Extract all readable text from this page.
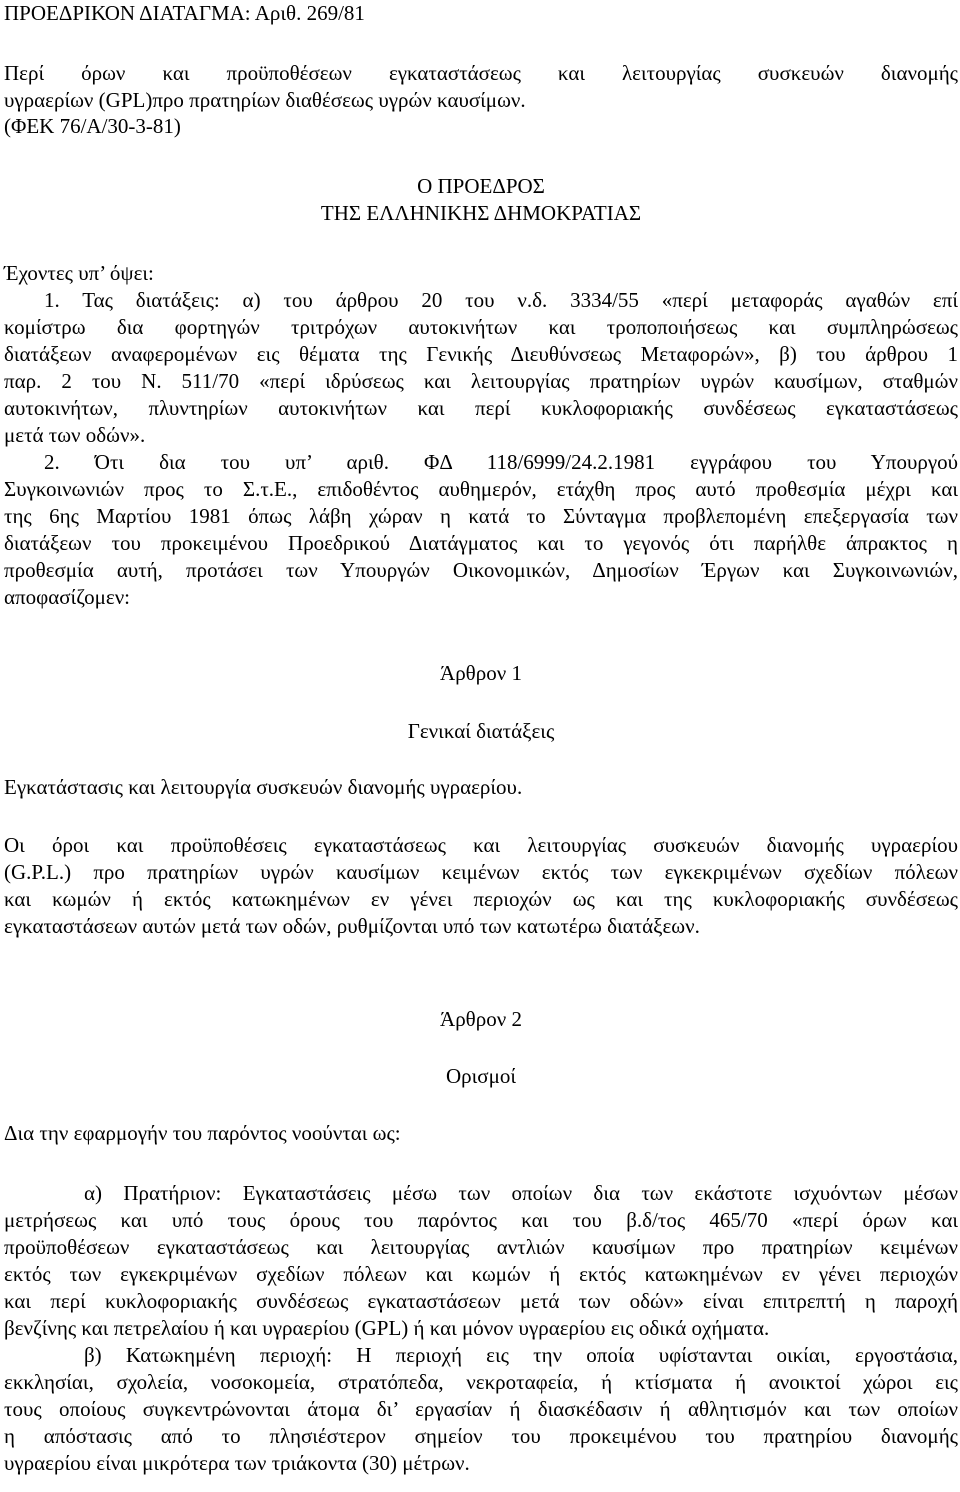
ΠΡΟΕΔΡΙΚΟΝ ΔΙΑΤΑΓΜΑ: Αριθ. 269/81

Περί όρων και προϋποθέσεων εγκαταστάσεως και λειτουργίας συσκευών διανομής

υγραερίων (GPL)προ πρατηρίων διαθέσεως υγρών καυσίμων.

(ΦΕΚ 76/Α/30-3-81)

Ο ΠΡΟΕΔΡΟΣ

ΤΗΣ ΕΛΛΗΝΙΚΗΣ ΔΗΜΟΚΡΑΤΙΑΣ

Έχοντες υπ’ όψει:

1. Τας διατάξεις: α) του άρθρου 20 του ν.δ. 3334/55 «περί μεταφοράς αγαθών επί

κομίστρω δια φορτηγών τριτρόχων αυτοκινήτων και τροποποιήσεως και συμπληρώσεως

διατάξεων αναφερομένων εις θέματα της Γενικής Διευθύνσεως Μεταφορών», β) του άρθρου 1

παρ. 2 του Ν. 511/70 «περί ιδρύσεως και λειτουργίας πρατηρίων υγρών καυσίμων, σταθμών

αυτοκινήτων, πλυντηρίων αυτοκινήτων και περί κυκλοφοριακής συνδέσεως εγκαταστάσεως

μετά των οδών».

2. Ότι δια του υπ’ αριθ. ΦΔ 118/6999/24.2.1981 εγγράφου του Υπουργού

Συγκοινωνιών προς το Σ.τ.Ε., επιδοθέντος αυθημερόν, ετάχθη προς αυτό προθεσμία μέχρι και

της 6ης Μαρτίου 1981 όπως λάβη χώραν η κατά το Σύνταγμα προβλεπομένη επεξεργασία των

διατάξεων του προκειμένου Προεδρικού Διατάγματος και το γεγονός ότι παρήλθε άπρακτος η

προθεσμία αυτή, προτάσει των Υπουργών Οικονομικών, Δημοσίων Έργων και Συγκοινωνιών,

αποφασίζομεν:

Άρθρον 1

Γενικαί διατάξεις

Εγκατάστασις και λειτουργία συσκευών διανομής υγραερίου.

Οι όροι και προϋποθέσεις εγκαταστάσεως και λειτουργίας συσκευών διανομής υγραερίου

(G.P.L.) προ πρατηρίων υγρών καυσίμων κειμένων εκτός των εγκεκριμένων σχεδίων πόλεων

και κωμών ή εκτός κατωκημένων εν γένει περιοχών ως και της κυκλοφοριακής συνδέσεως

εγκαταστάσεων αυτών μετά των οδών, ρυθμίζονται υπό των κατωτέρω διατάξεων.

Άρθρον 2

Ορισμοί

Δια την εφαρμογήν του παρόντος νοούνται ως:

α) Πρατήριον: Εγκαταστάσεις μέσω των οποίων δια των εκάστοτε ισχυόντων μέσων

μετρήσεως και υπό τους όρους του παρόντος και του β.δ/τος 465/70 «περί όρων και

προϋποθέσεων εγκαταστάσεως και λειτουργίας αντλιών καυσίμων προ πρατηρίων κειμένων

εκτός των εγκεκριμένων σχεδίων πόλεων και κωμών ή εκτός κατωκημένων εν γένει περιοχών

και περί κυκλοφοριακής συνδέσεως εγκαταστάσεων μετά των οδών» είναι επιτρεπτή η παροχή

βενζίνης και πετρελαίου ή και υγραερίου (GPL) ή και μόνον υγραερίου εις οδικά οχήματα.

β) Κατωκημένη περιοχή: Η περιοχή εις την οποία υφίστανται οικίαι, εργοστάσια,

εκκλησίαι, σχολεία, νοσοκομεία, στρατόπεδα, νεκροταφεία, ή κτίσματα ή ανοικτοί χώροι εις

τους οποίους συγκεντρώνονται άτομα δι’ εργασίαν ή διασκέδασιν ή αθλητισμόν και των οποίων

η απόστασις από το πλησιέστερον σημείον του προκειμένου του πρατηρίου διανομής

υγραερίου είναι μικρότερα των τριάκοντα (30) μέτρων.
